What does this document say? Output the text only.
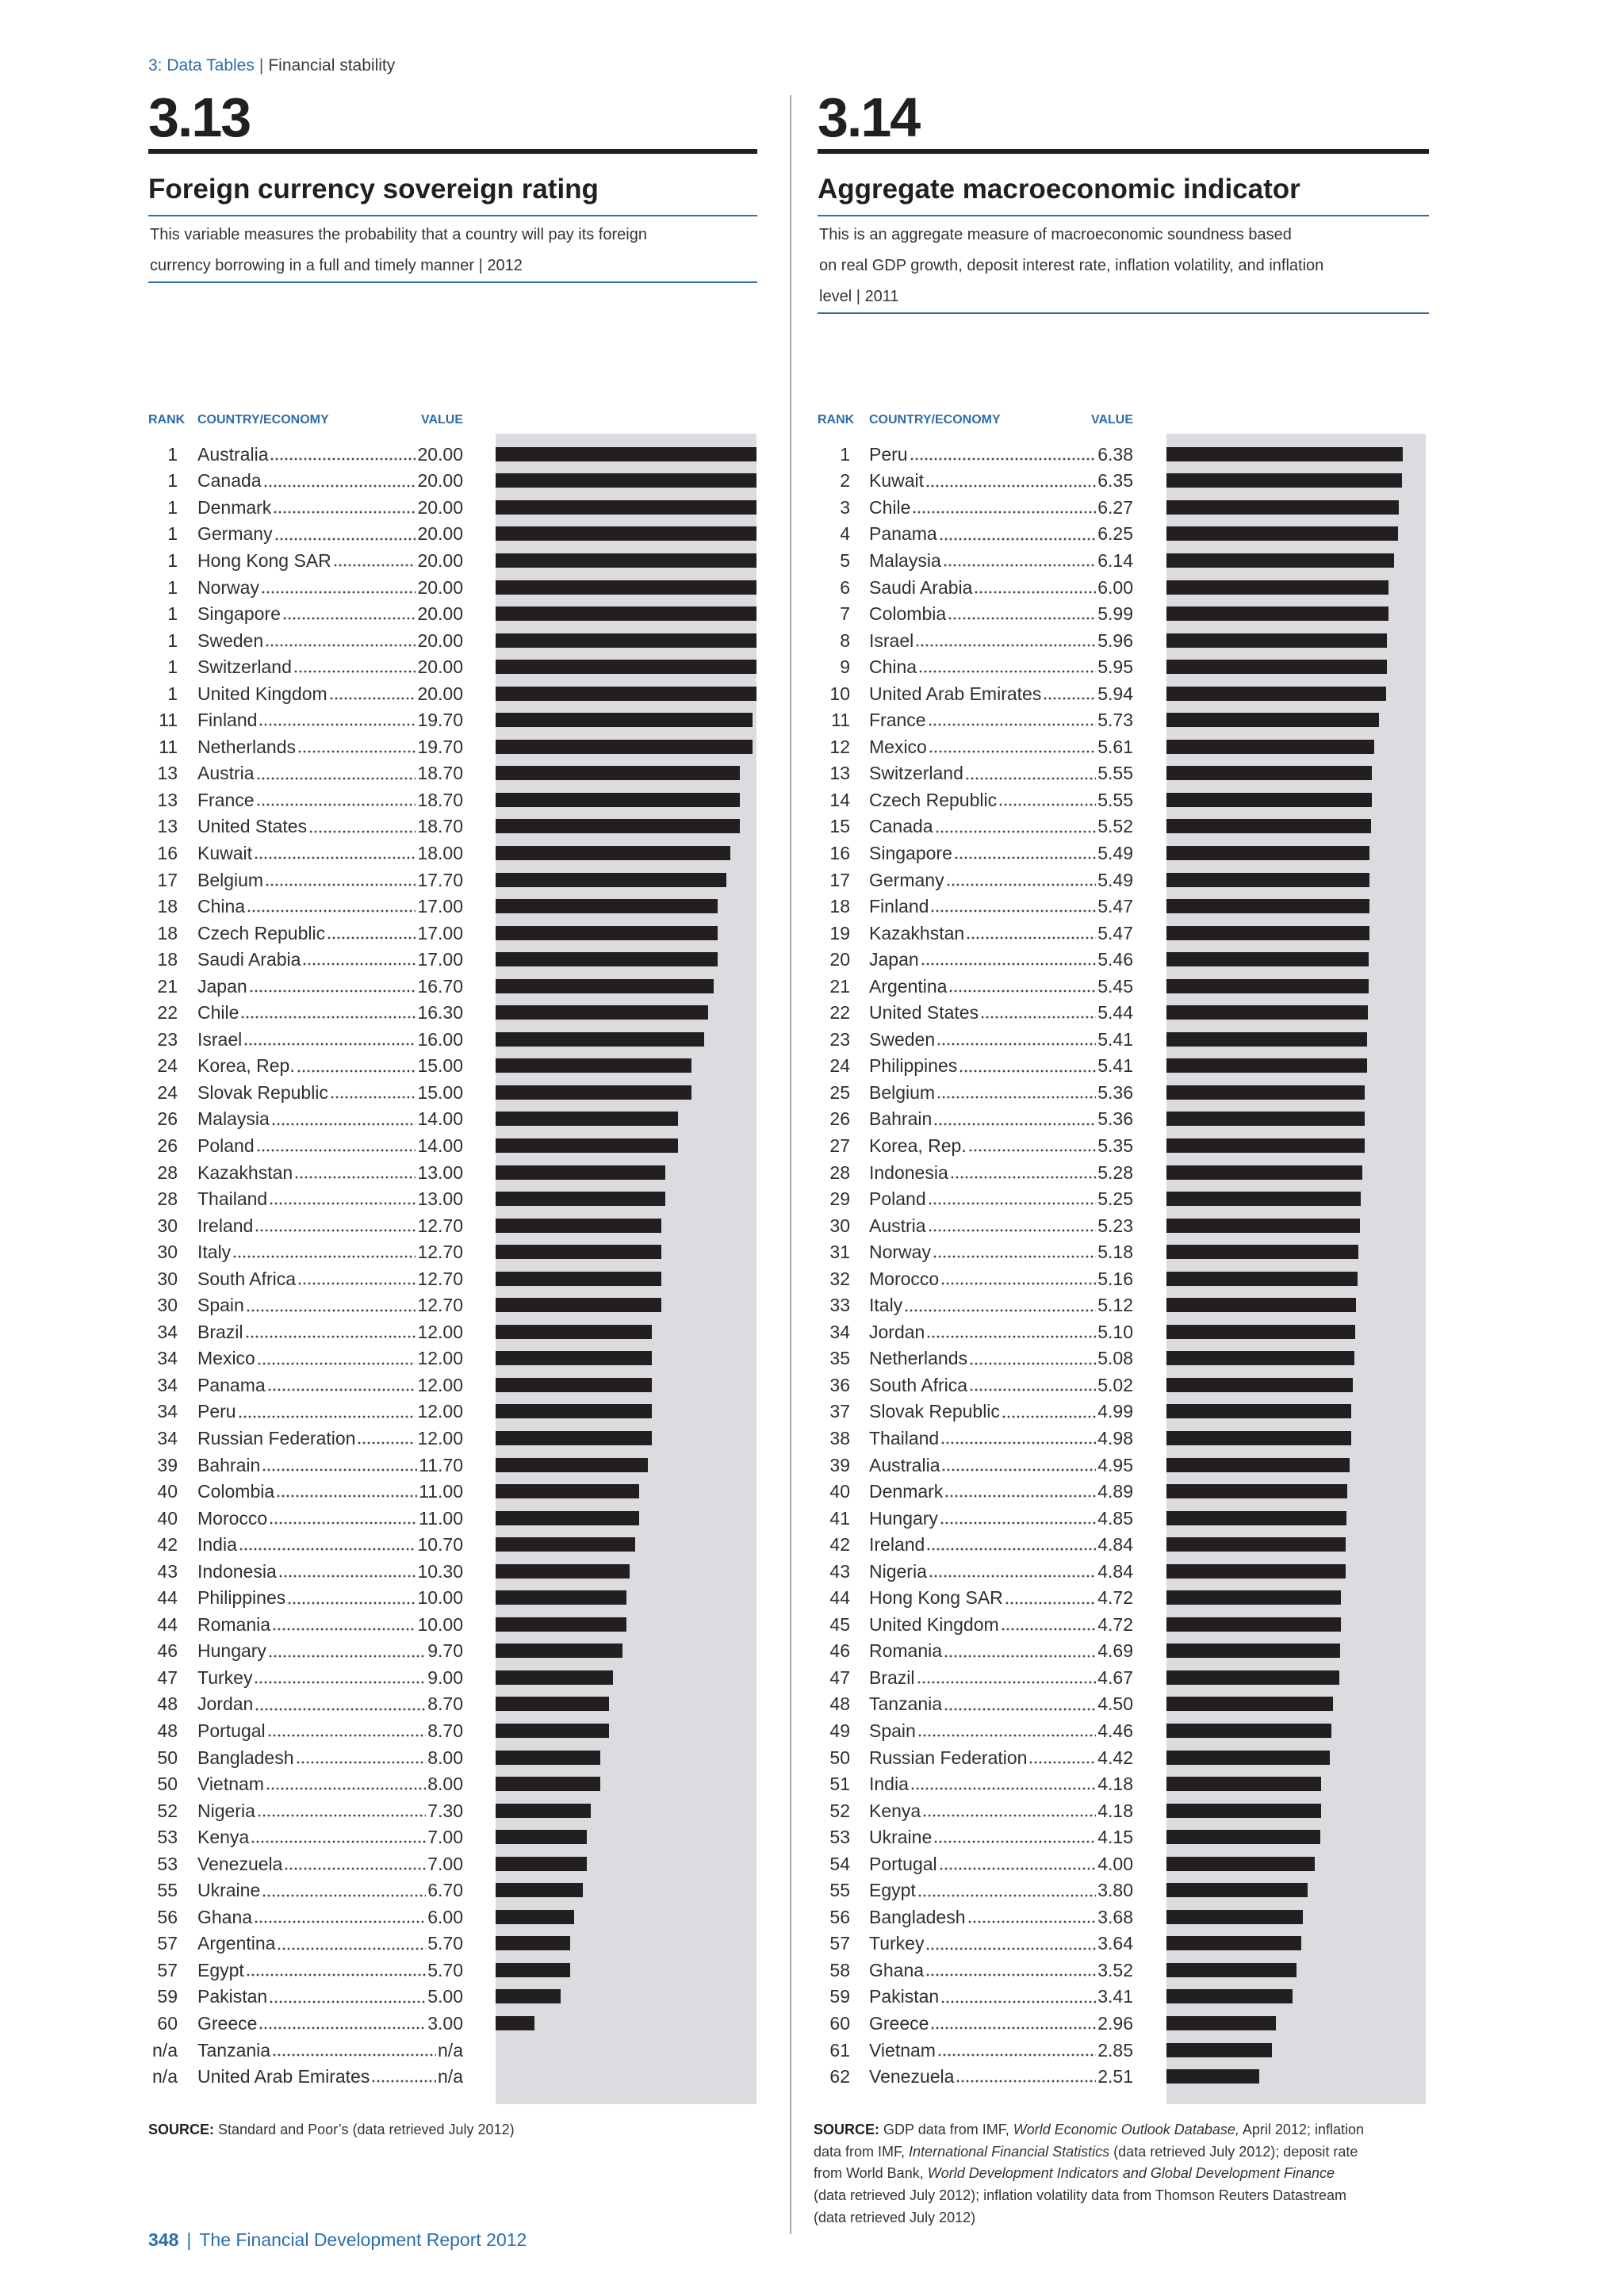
3: Data Tables | Financial stability
3.13
Foreign currency sovereign rating
This variable measures the probability that a country will pay its foreign
currency borrowing in a full and timely manner | 2012
RANK COUNTRY/ECONOMY	VALUE
1 Australia	20.00
1 Canada	20.00
1 Denmark	20.00
1 Germany	20.00
1 Hong Kong SAR	20.00
1 Norway	20.00
1 Singapore	20.00
1 Sweden	20.00
1 Switzerland	20.00
1 United Kingdom	20.00
11 Finland	19.70
11 Netherlands	19.70
13 Austria	18.70
13 France	18.70
13 United States	18.70
16 Kuwait	18.00
17 Belgium	17.70
18 China	17.00
18 Czech Republic	17.00
18 Saudi Arabia	17.00
21 Japan	16.70
22 Chile	16.30
23 Israel	16.00
24 Korea, Rep.	15.00
24 Slovak Republic	15.00
26 Malaysia	14.00
26 Poland	14.00
28 Kazakhstan	13.00
28 Thailand	13.00
30 Ireland	12.70
30 Italy	12.70
30 South Africa	12.70
30 Spain	12.70
34 Brazil	12.00
34 Mexico	12.00
34 Panama	12.00
34 Peru	12.00
34 Russian Federation	12.00
39 Bahrain	11.70
40 Colombia	11.00
40 Morocco	11.00
42 India	10.70
43 Indonesia	10.30
44 Philippines	10.00
44 Romania	10.00
46 Hungary	9.70
47 Turkey	9.00
48 Jordan	8.70
48 Portugal	8.70
50 Bangladesh	8.00
50 Vietnam	8.00
52 Nigeria	7.30
53 Kenya	7.00
53 Venezuela	7.00
55 Ukraine	6.70
56 Ghana	6.00
57 Argentina	5.70
57 Egypt	5.70
59 Pakistan	5.00
60 Greece	3.00
n/a Tanzania	n/a
n/a United Arab Emirates	n/a
SOURCE: Standard and Poor’s (data retrieved July 2012)
3.14
Aggregate macroeconomic indicator
This is an aggregate measure of macroeconomic soundness based
on real GDP growth, deposit interest rate, inflation volatility, and inflation
level | 2011
RANK COUNTRY/ECONOMY	VALUE
1 Peru	6.38
2 Kuwait	6.35
3 Chile	6.27
4 Panama	6.25
5 Malaysia	6.14
6 Saudi Arabia	6.00
7 Colombia	5.99
8 Israel	5.96
9 China	5.95
10 United Arab Emirates	5.94
11 France	5.73
12 Mexico	5.61
13 Switzerland	5.55
14 Czech Republic	5.55
15 Canada	5.52
16 Singapore	5.49
17 Germany	5.49
18 Finland	5.47
19 Kazakhstan	5.47
20 Japan	5.46
21 Argentina	5.45
22 United States	5.44
23 Sweden	5.41
24 Philippines	5.41
25 Belgium	5.36
26 Bahrain	5.36
27 Korea, Rep.	5.35
28 Indonesia	5.28
29 Poland	5.25
30 Austria	5.23
31 Norway	5.18
32 Morocco	5.16
33 Italy	5.12
34 Jordan	5.10
35 Netherlands	5.08
36 South Africa	5.02
37 Slovak Republic	4.99
38 Thailand	4.98
39 Australia	4.95
40 Denmark	4.89
41 Hungary	4.85
42 Ireland	4.84
43 Nigeria	4.84
44 Hong Kong SAR	4.72
45 United Kingdom	4.72
46 Romania	4.69
47 Brazil	4.67
48 Tanzania	4.50
49 Spain	4.46
50 Russian Federation	4.42
51 India	4.18
52 Kenya	4.18
53 Ukraine	4.15
54 Portugal	4.00
55 Egypt	3.80
56 Bangladesh	3.68
57 Turkey	3.64
58 Ghana	3.52
59 Pakistan	3.41
60 Greece	2.96
61 Vietnam	2.85
62 Venezuela	2.51
SOURCE: GDP data from IMF, World Economic Outlook Database, April 2012; inflation
data from IMF, International Financial Statistics (data retrieved July 2012); deposit rate
from World Bank, World Development Indicators and Global Development Finance
(data retrieved July 2012); inflation volatility data from Thomson Reuters Datastream
(data retrieved July 2012)
348 | The Financial Development Report 2012
